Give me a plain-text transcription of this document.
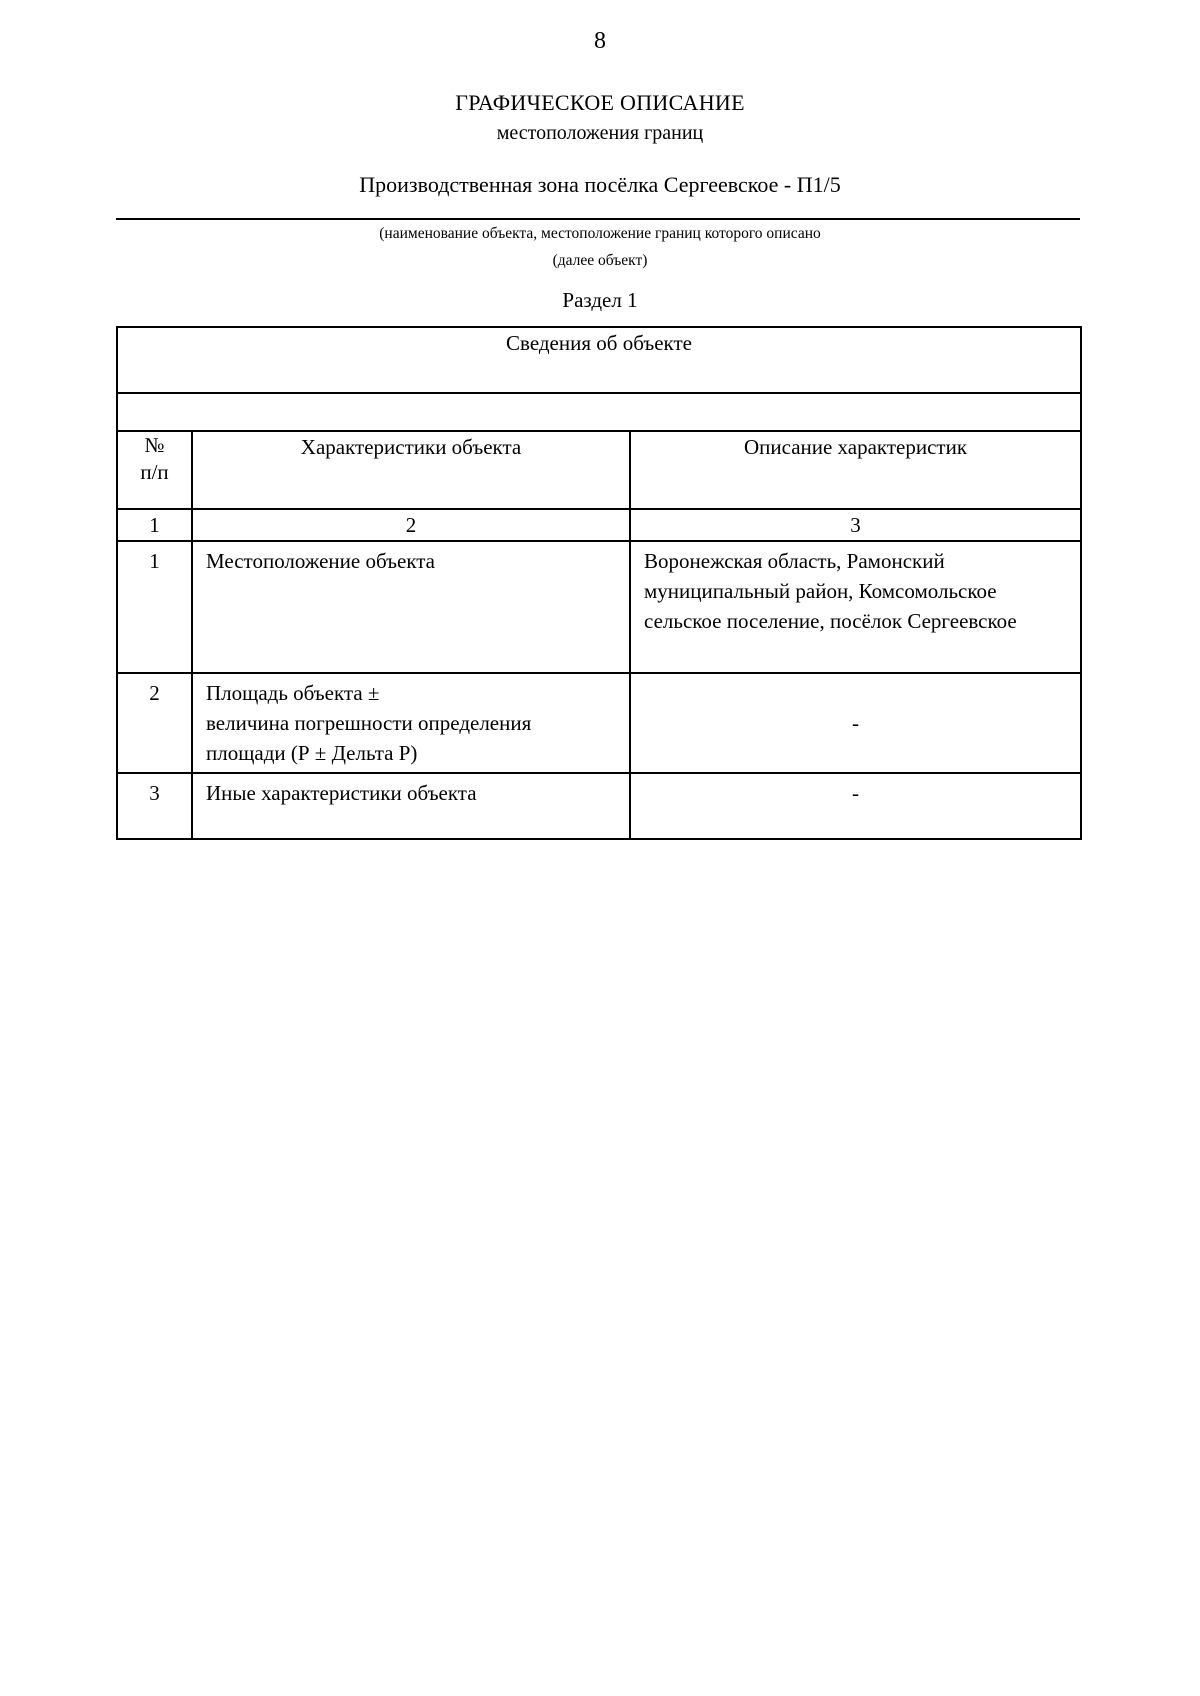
8
ГРАФИЧЕСКОЕ ОПИСАНИЕ
местоположения границ
Производственная зона посёлка Сергеевское - П1/5
(наименование объекта, местоположение границ которого описано
(далее объект)
Раздел 1
Сведения об объекте		

№
п/п	Характеристики объекта	Описание характеристик
1	2	3
1	Местоположение объекта	Воронежская область, Рамонский муниципальный район, Комсомольское сельское поселение, посёлок Сергеевское
2	Площадь объекта ±
величина погрешности определения
площади (Р ± Дельта Р)	-
3	Иные характеристики объекта	-
